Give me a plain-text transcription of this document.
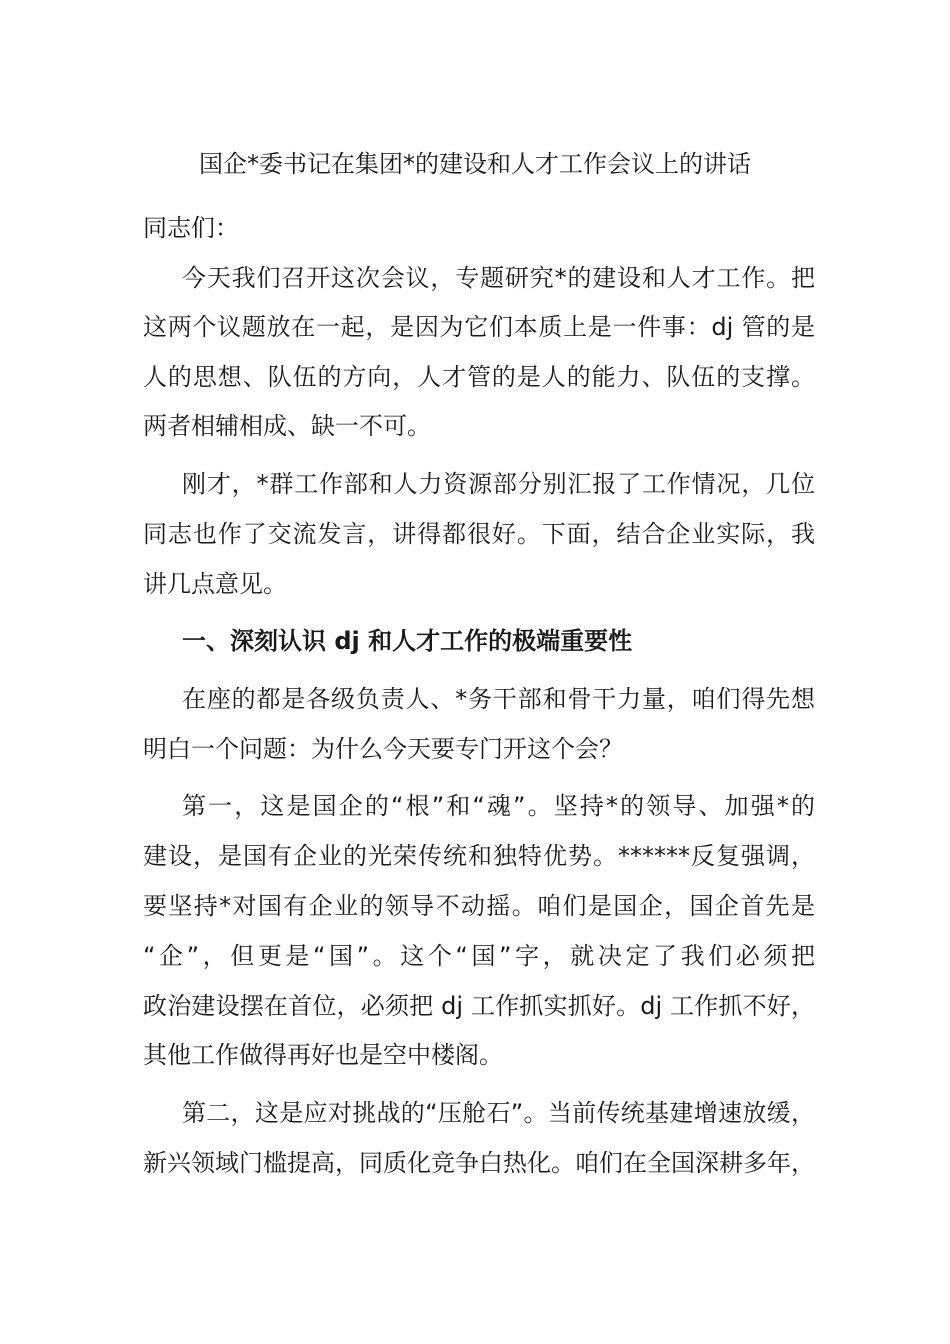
国企*委书记在集团*的建设和人才工作会议上的讲话
同志们：
今天我们召开这次会议，专题研究*的建设和人才工作。把
这两个议题放在一起，是因为它们本质上是一件事：dj 管的是
人的思想、队伍的方向，人才管的是人的能力、队伍的支撑。
两者相辅相成、缺一不可。
刚才，*群工作部和人力资源部分别汇报了工作情况，几位
同志也作了交流发言，讲得都很好。下面，结合企业实际，我
讲几点意见。
一、深刻认识 dj 和人才工作的极端重要性
在座的都是各级负责人、*务干部和骨干力量，咱们得先想
明白一个问题：为什么今天要专门开这个会？
第一，这是国企的“根”和“魂”。坚持*的领导、加强*的
建设，是国有企业的光荣传统和独特优势。******反复强调，
要坚持*对国有企业的领导不动摇。咱们是国企，国企首先是
“企”，但更是“国”。这个“国”字，就决定了我们必须把
政治建设摆在首位，必须把 dj 工作抓实抓好。dj 工作抓不好，
其他工作做得再好也是空中楼阁。
第二，这是应对挑战的“压舱石”。当前传统基建增速放缓，
新兴领域门槛提高，同质化竞争白热化。咱们在全国深耕多年，
